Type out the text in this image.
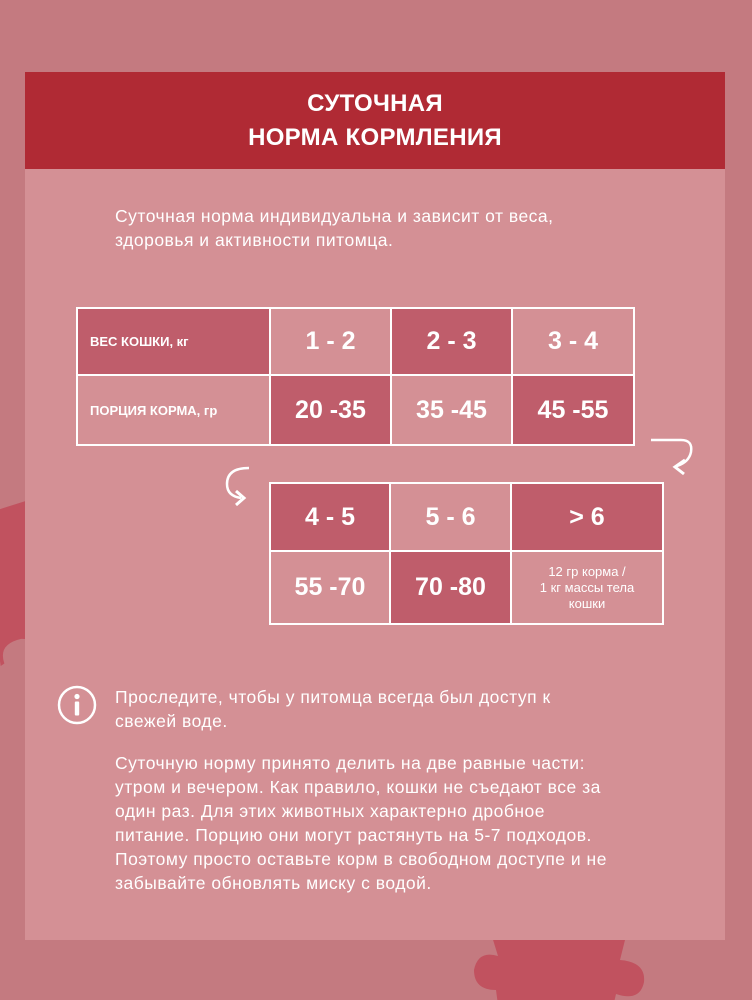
СУТОЧНАЯ
НОРМА КОРМЛЕНИЯ
Суточная норма индивидуальна и зависит от веса,
здоровья и активности питомца.
ВЕС КОШКИ, кг	1 - 2	2 - 3	3 - 4
ПОРЦИЯ КОРМА, гр	20 -35	35 -45	45 -55
4 - 5	5 - 6	> 6
55 -70	70 -80	12 гр корма /
1 кг массы тела
кошки
Проследите, чтобы у питомца всегда был доступ к
свежей воде.
Суточную норму принято делить на две равные части:
утром и вечером. Как правило, кошки не съедают все за
один раз. Для этих животных характерно дробное
питание. Порцию они могут растянуть на 5-7 подходов.
Поэтому просто оставьте корм в свободном доступе и не
забывайте обновлять миску с водой.
